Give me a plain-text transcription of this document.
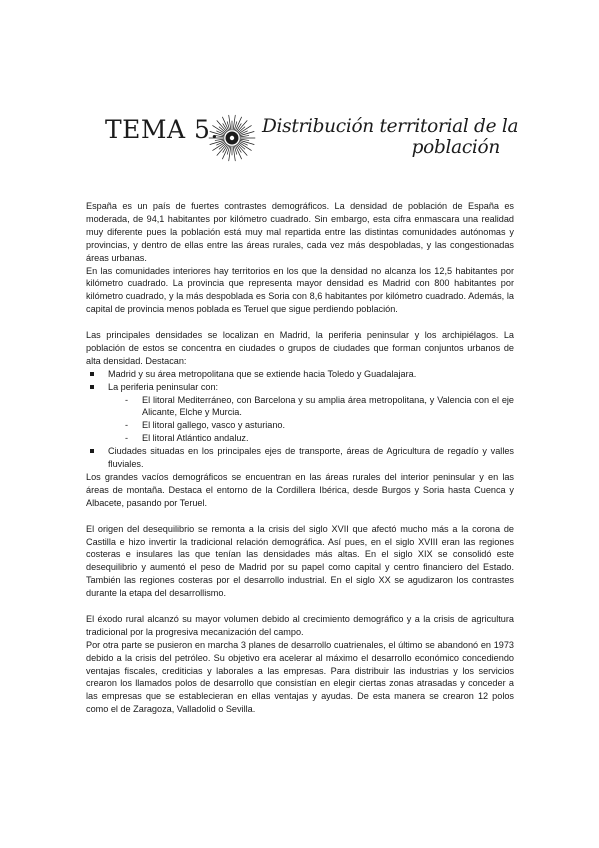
TEMA 5. Distribución territorial de la
población

España es un país de fuertes contrastes demográficos. La densidad de población de España es moderada, de 94,1 habitantes por kilómetro cuadrado. Sin embargo, esta cifra enmascara una realidad muy diferente pues la población está muy mal repartida entre las distintas comunidades autónomas y provincias, y dentro de ellas entre las áreas rurales, cada vez más despobladas, y las congestionadas áreas urbanas.

En las comunidades interiores hay territorios en los que la densidad no alcanza los 12,5 habitantes por kilómetro cuadrado. La provincia que representa mayor densidad es Madrid con 800 habitantes por kilómetro cuadrado, y la más despoblada es Soria con 8,6 habitantes por kilómetro cuadrado. Además, la capital de provincia menos poblada es Teruel que sigue perdiendo población.

Las principales densidades se localizan en Madrid, la periferia peninsular y los archipiélagos. La población de estos se concentra en ciudades o grupos de ciudades que forman conjuntos urbanos de alta densidad. Destacan:

Madrid y su área metropolitana que se extiende hacia Toledo y Guadalajara.
La periferia peninsular con:
- El litoral Mediterráneo, con Barcelona y su amplia área metropolitana, y Valencia con el eje Alicante, Elche y Murcia.
- El litoral gallego, vasco y asturiano.
- El litoral Atlántico andaluz.
Ciudades situadas en los principales ejes de transporte, áreas de Agricultura de regadío y valles fluviales.

Los grandes vacíos demográficos se encuentran en las áreas rurales del interior peninsular y en las áreas de montaña. Destaca el entorno de la Cordillera Ibérica, desde Burgos y Soria hasta Cuenca y Albacete, pasando por Teruel.

El origen del desequilibrio se remonta a la crisis del siglo XVII que afectó mucho más a la corona de Castilla e hizo invertir la tradicional relación demográfica. Así pues, en el siglo XVIII eran las regiones costeras e insulares las que tenían las densidades más altas. En el siglo XIX se consolidó este desequilibrio y aumentó el peso de Madrid por su papel como capital y centro financiero del Estado. También las regiones costeras por el desarrollo industrial. En el siglo XX se agudizaron los contrastes durante la etapa del desarrollismo.

El éxodo rural alcanzó su mayor volumen debido al crecimiento demográfico y a la crisis de agricultura tradicional por la progresiva mecanización del campo.

Por otra parte se pusieron en marcha 3 planes de desarrollo cuatrienales, el último se abandonó en 1973 debido a la crisis del petróleo. Su objetivo era acelerar al máximo el desarrollo económico concediendo ventajas fiscales, crediticias y laborales a las empresas. Para distribuir las industrias y los servicios crearon los llamados polos de desarrollo que consistían en elegir ciertas zonas atrasadas y conceder a las empresas que se establecieran en ellas ventajas y ayudas. De esta manera se crearon 12 polos como el de Zaragoza, Valladolid o Sevilla.
